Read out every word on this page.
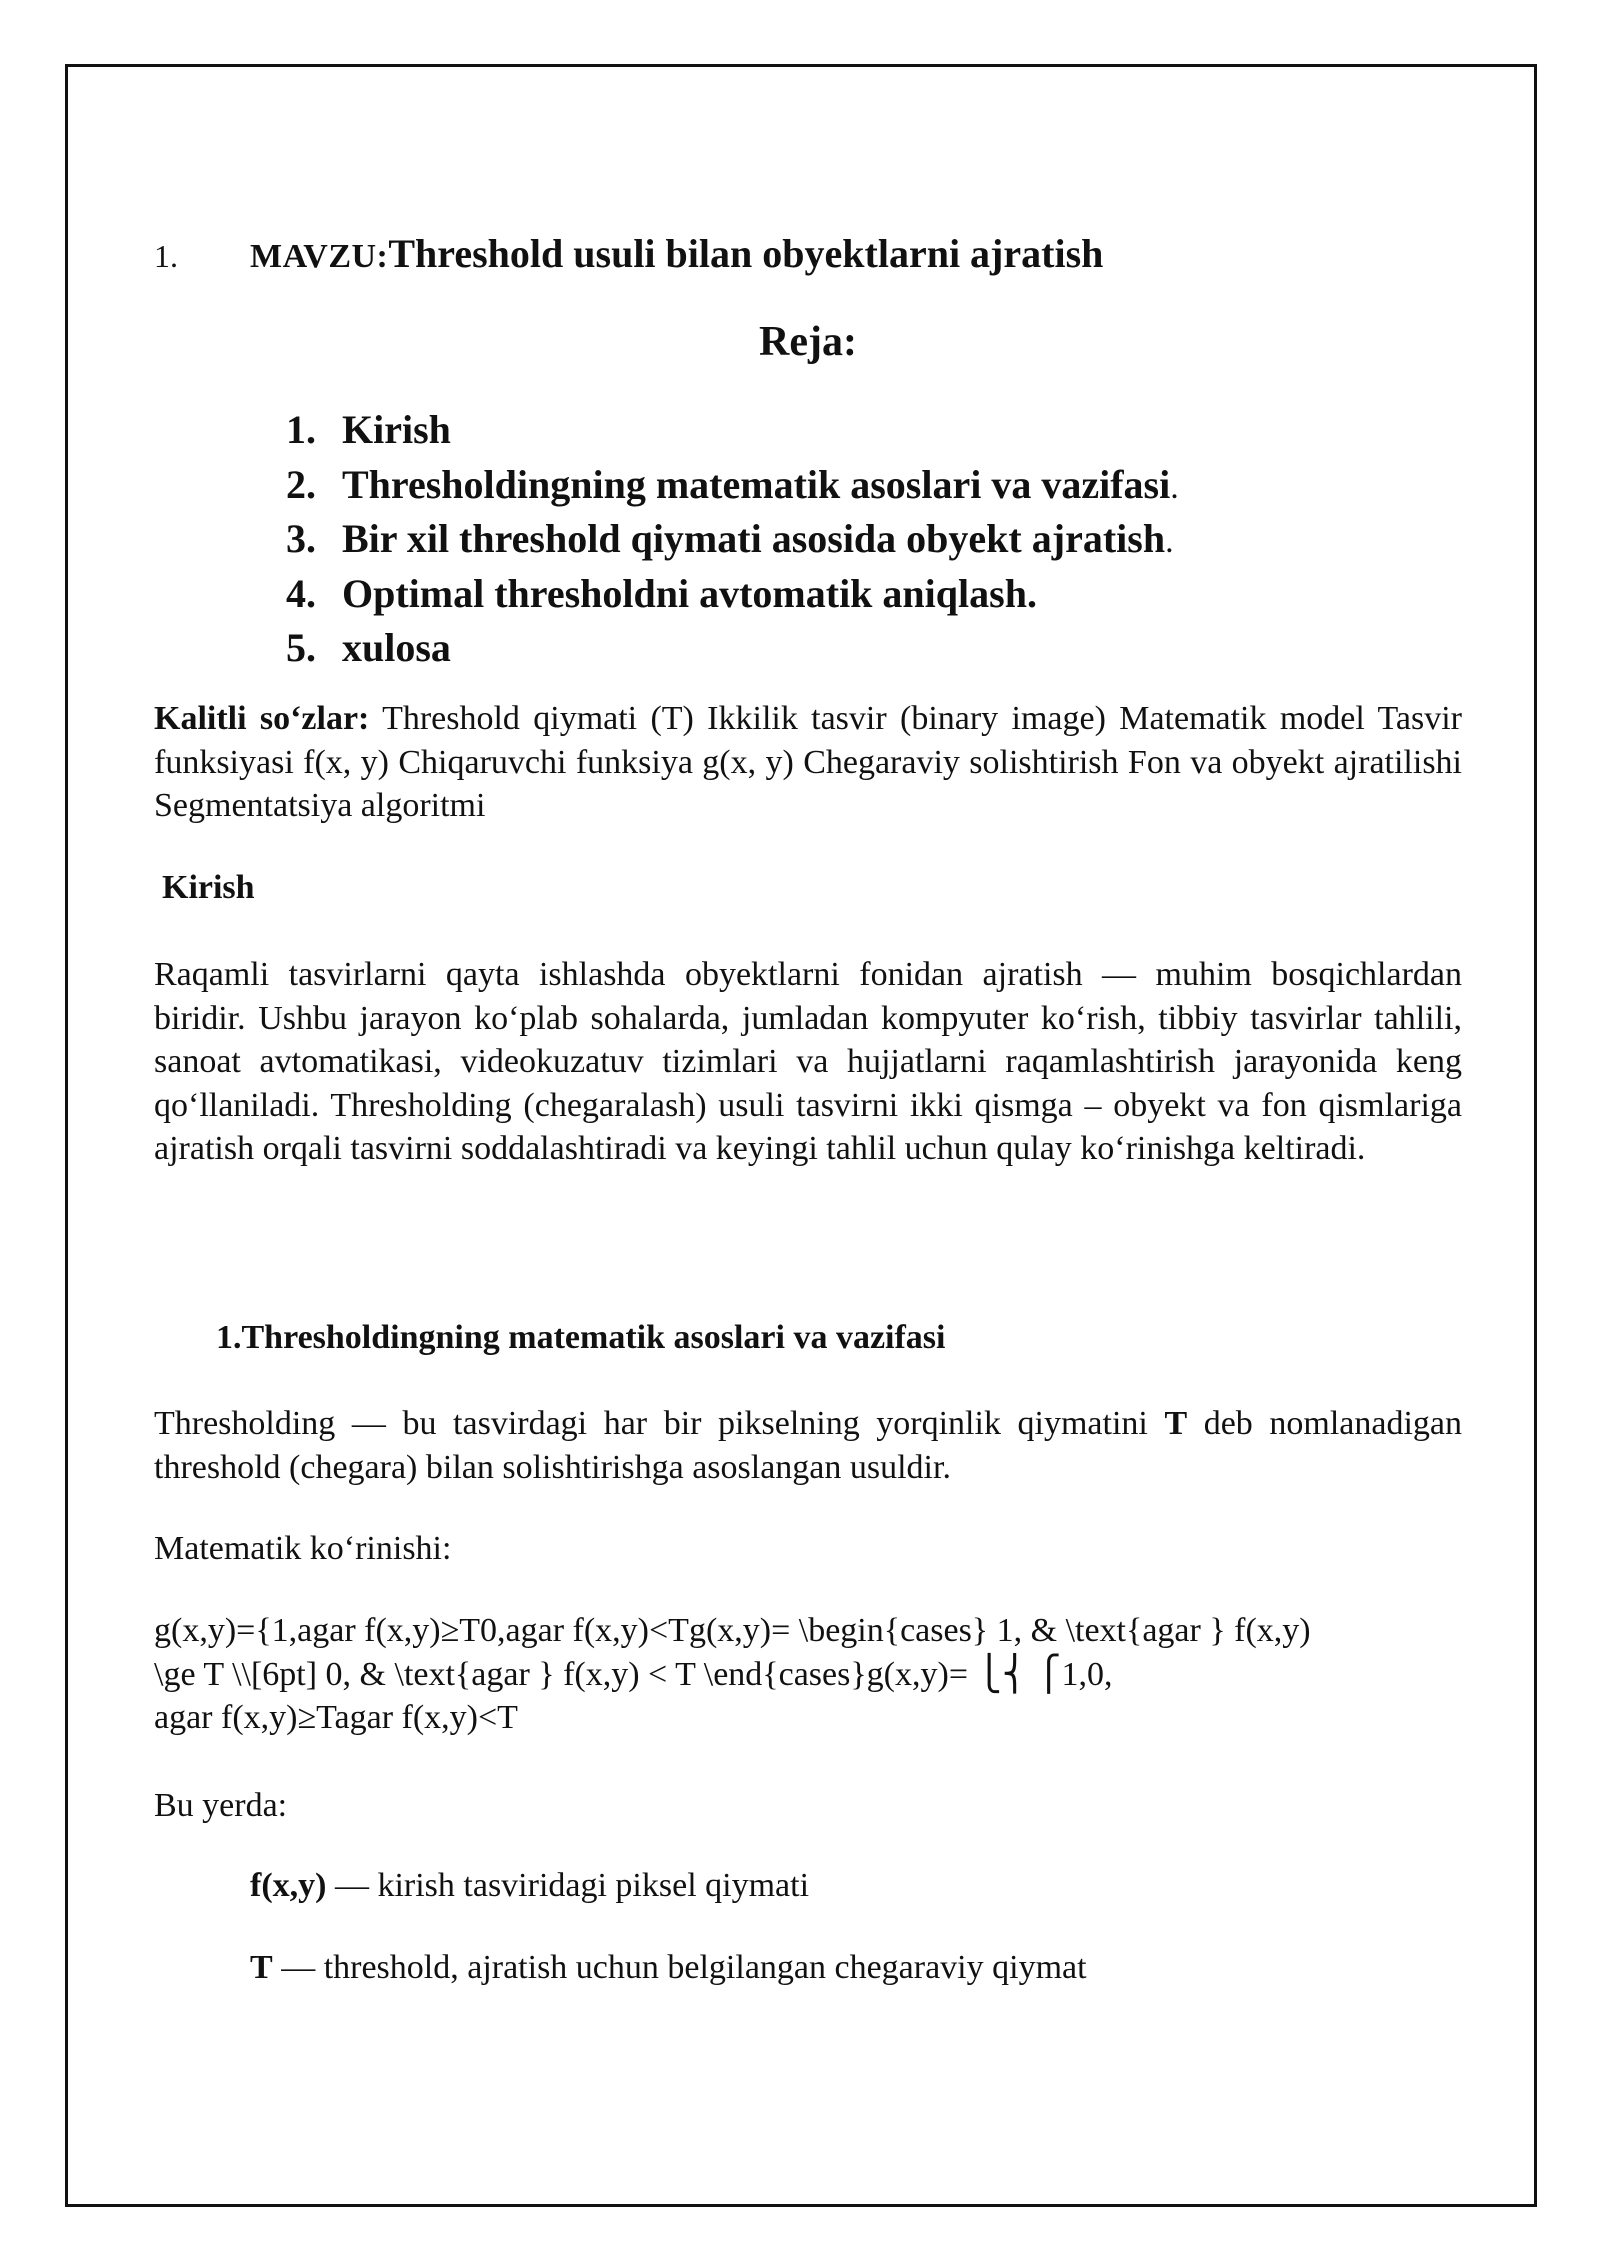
1. MAVZU:Threshold usuli bilan obyektlarni ajratish
Reja:
1. Kirish
2. Thresholdingning matematik asoslari va vazifasi.
3. Bir xil threshold qiymati asosida obyekt ajratish.
4. Optimal thresholdni avtomatik aniqlash.
5. xulosa

Kalitli so‘zlar: Threshold qiymati (T) Ikkilik tasvir (binary image) Matematik model Tasvir funksiyasi f(x, y) Chiqaruvchi funksiya g(x, y) Chegaraviy solishtirish Fon va obyekt ajratilishi Segmentatsiya algoritmi

Kirish

Raqamli tasvirlarni qayta ishlashda obyektlarni fonidan ajratish — muhim bosqichlardan biridir. Ushbu jarayon ko‘plab sohalarda, jumladan kompyuter ko‘rish, tibbiy tasvirlar tahlili, sanoat avtomatikasi, videokuzatuv tizimlari va hujjatlarni raqamlashtirish jarayonida keng qo‘llaniladi. Thresholding (chegaralash) usuli tasvirni ikki qismga – obyekt va fon qismlariga ajratish orqali tasvirni soddalashtiradi va keyingi tahlil uchun qulay ko‘rinishga keltiradi.

1.Thresholdingning matematik asoslari va vazifasi

Thresholding — bu tasvirdagi har bir pikselning yorqinlik qiymatini T deb nomlanadigan threshold (chegara) bilan solishtirishga asoslangan usuldir.

Matematik ko‘rinishi:
g(x,y)={1,agar f(x,y)≥T0,agar f(x,y)<Tg(x,y)= \begin{cases} 1, & \text{agar } f(x,y)
\ge T \\[6pt] 0, & \text{agar } f(x,y) < T \end{cases}g(x,y)= ⎩⎨ ⎧1,0,
agar f(x,y)≥Tagar f(x,y)<T
Bu yerda:
f(x,y) — kirish tasviridagi piksel qiymati
T — threshold, ajratish uchun belgilangan chegaraviy qiymat
